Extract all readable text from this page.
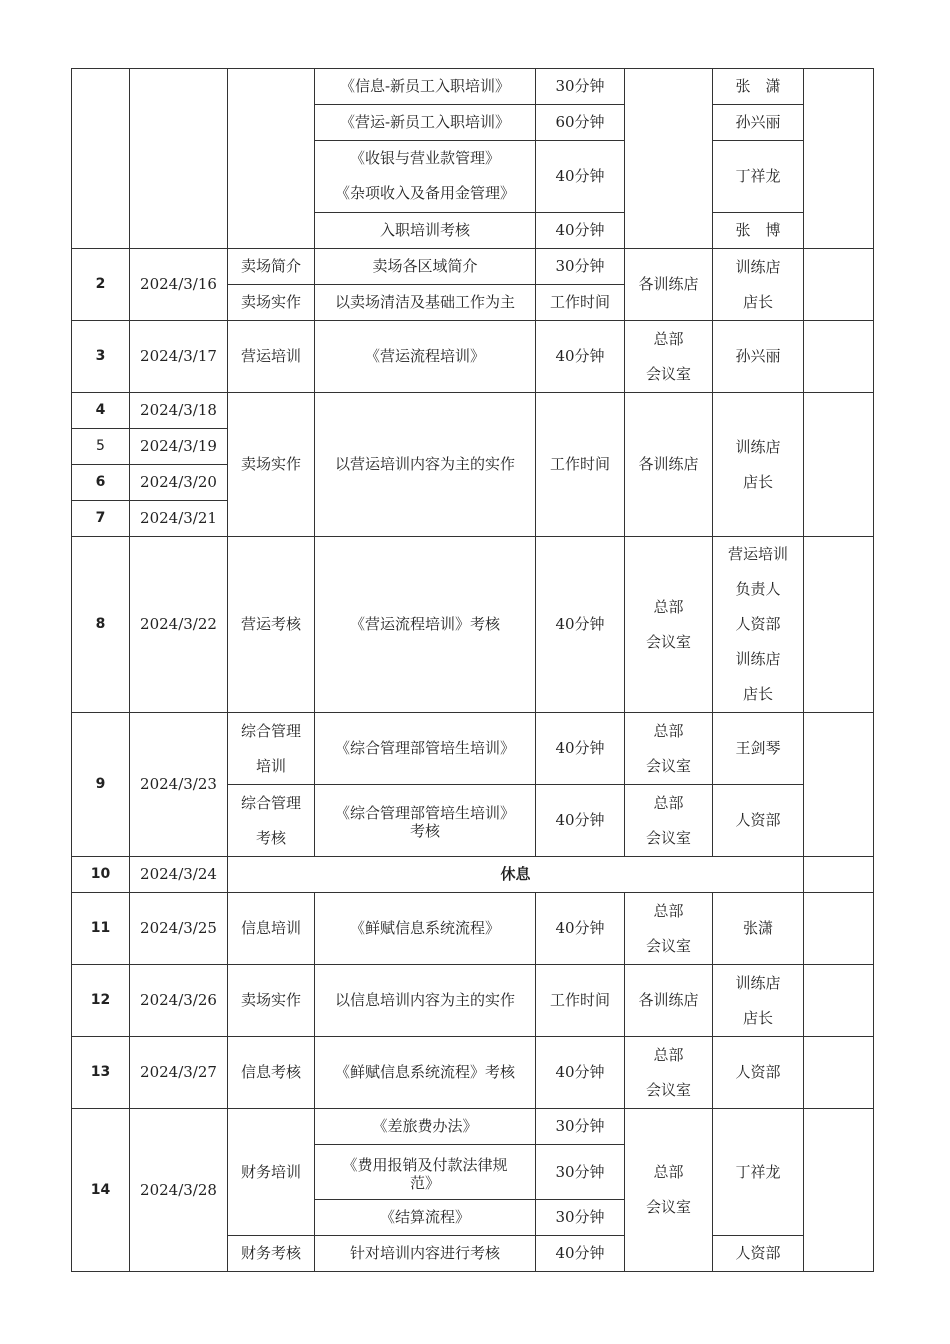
			《信息-新员工入职培训》	30分钟		张　潇	
			《营运-新员工入职培训》	60分钟		孙兴丽	

			《收银与营业款管理》
《杂项收入及备用金管理》	40分钟		丁祥龙	
			入职培训考核	40分钟		张　博	
2	2024/3/16	卖场简介	卖场各区域简介	30分钟	各训练店	训练店
店长	

		卖场实作	以卖场清洁及基础工作为主	工作时间			
3	2024/3/17	营运培训	《营运流程培训》	40分钟	总部
会议室	孙兴丽	
4	2024/3/18	卖场实作	以营运培训内容为主的实作	工作时间	各训练店	训练店
店长	

5	2024/3/19						
6	2024/3/20						
7	2024/3/21						
8	2024/3/22	营运考核	《营运流程培训》考核	40分钟	总部
会议室	营运培训
负责人
人资部
训练店
店长	

9	2024/3/23	综合管理
培训	《综合管理部管培生培训》	40分钟	总部
会议室	王剑琴	

		综合管理
考核	《综合管理部管培生培训》
考核	40分钟	总部
会议室	人资部	
10	2024/3/24	休息					
11	2024/3/25	信息培训	《鲜赋信息系统流程》	40分钟	总部
会议室	张潇	
12	2024/3/26	卖场实作	以信息培训内容为主的实作	工作时间	各训练店	训练店
店长	

13	2024/3/27	信息考核	《鲜赋信息系统流程》考核	40分钟	总部
会议室	人资部	
14	2024/3/28	财务培训	《差旅费办法》	30分钟	总部
会议室	丁祥龙	

			《费用报销及付款法律规
范》	30分钟			
			《结算流程》	30分钟			
		财务考核	针对培训内容进行考核	40分钟		人资部	
